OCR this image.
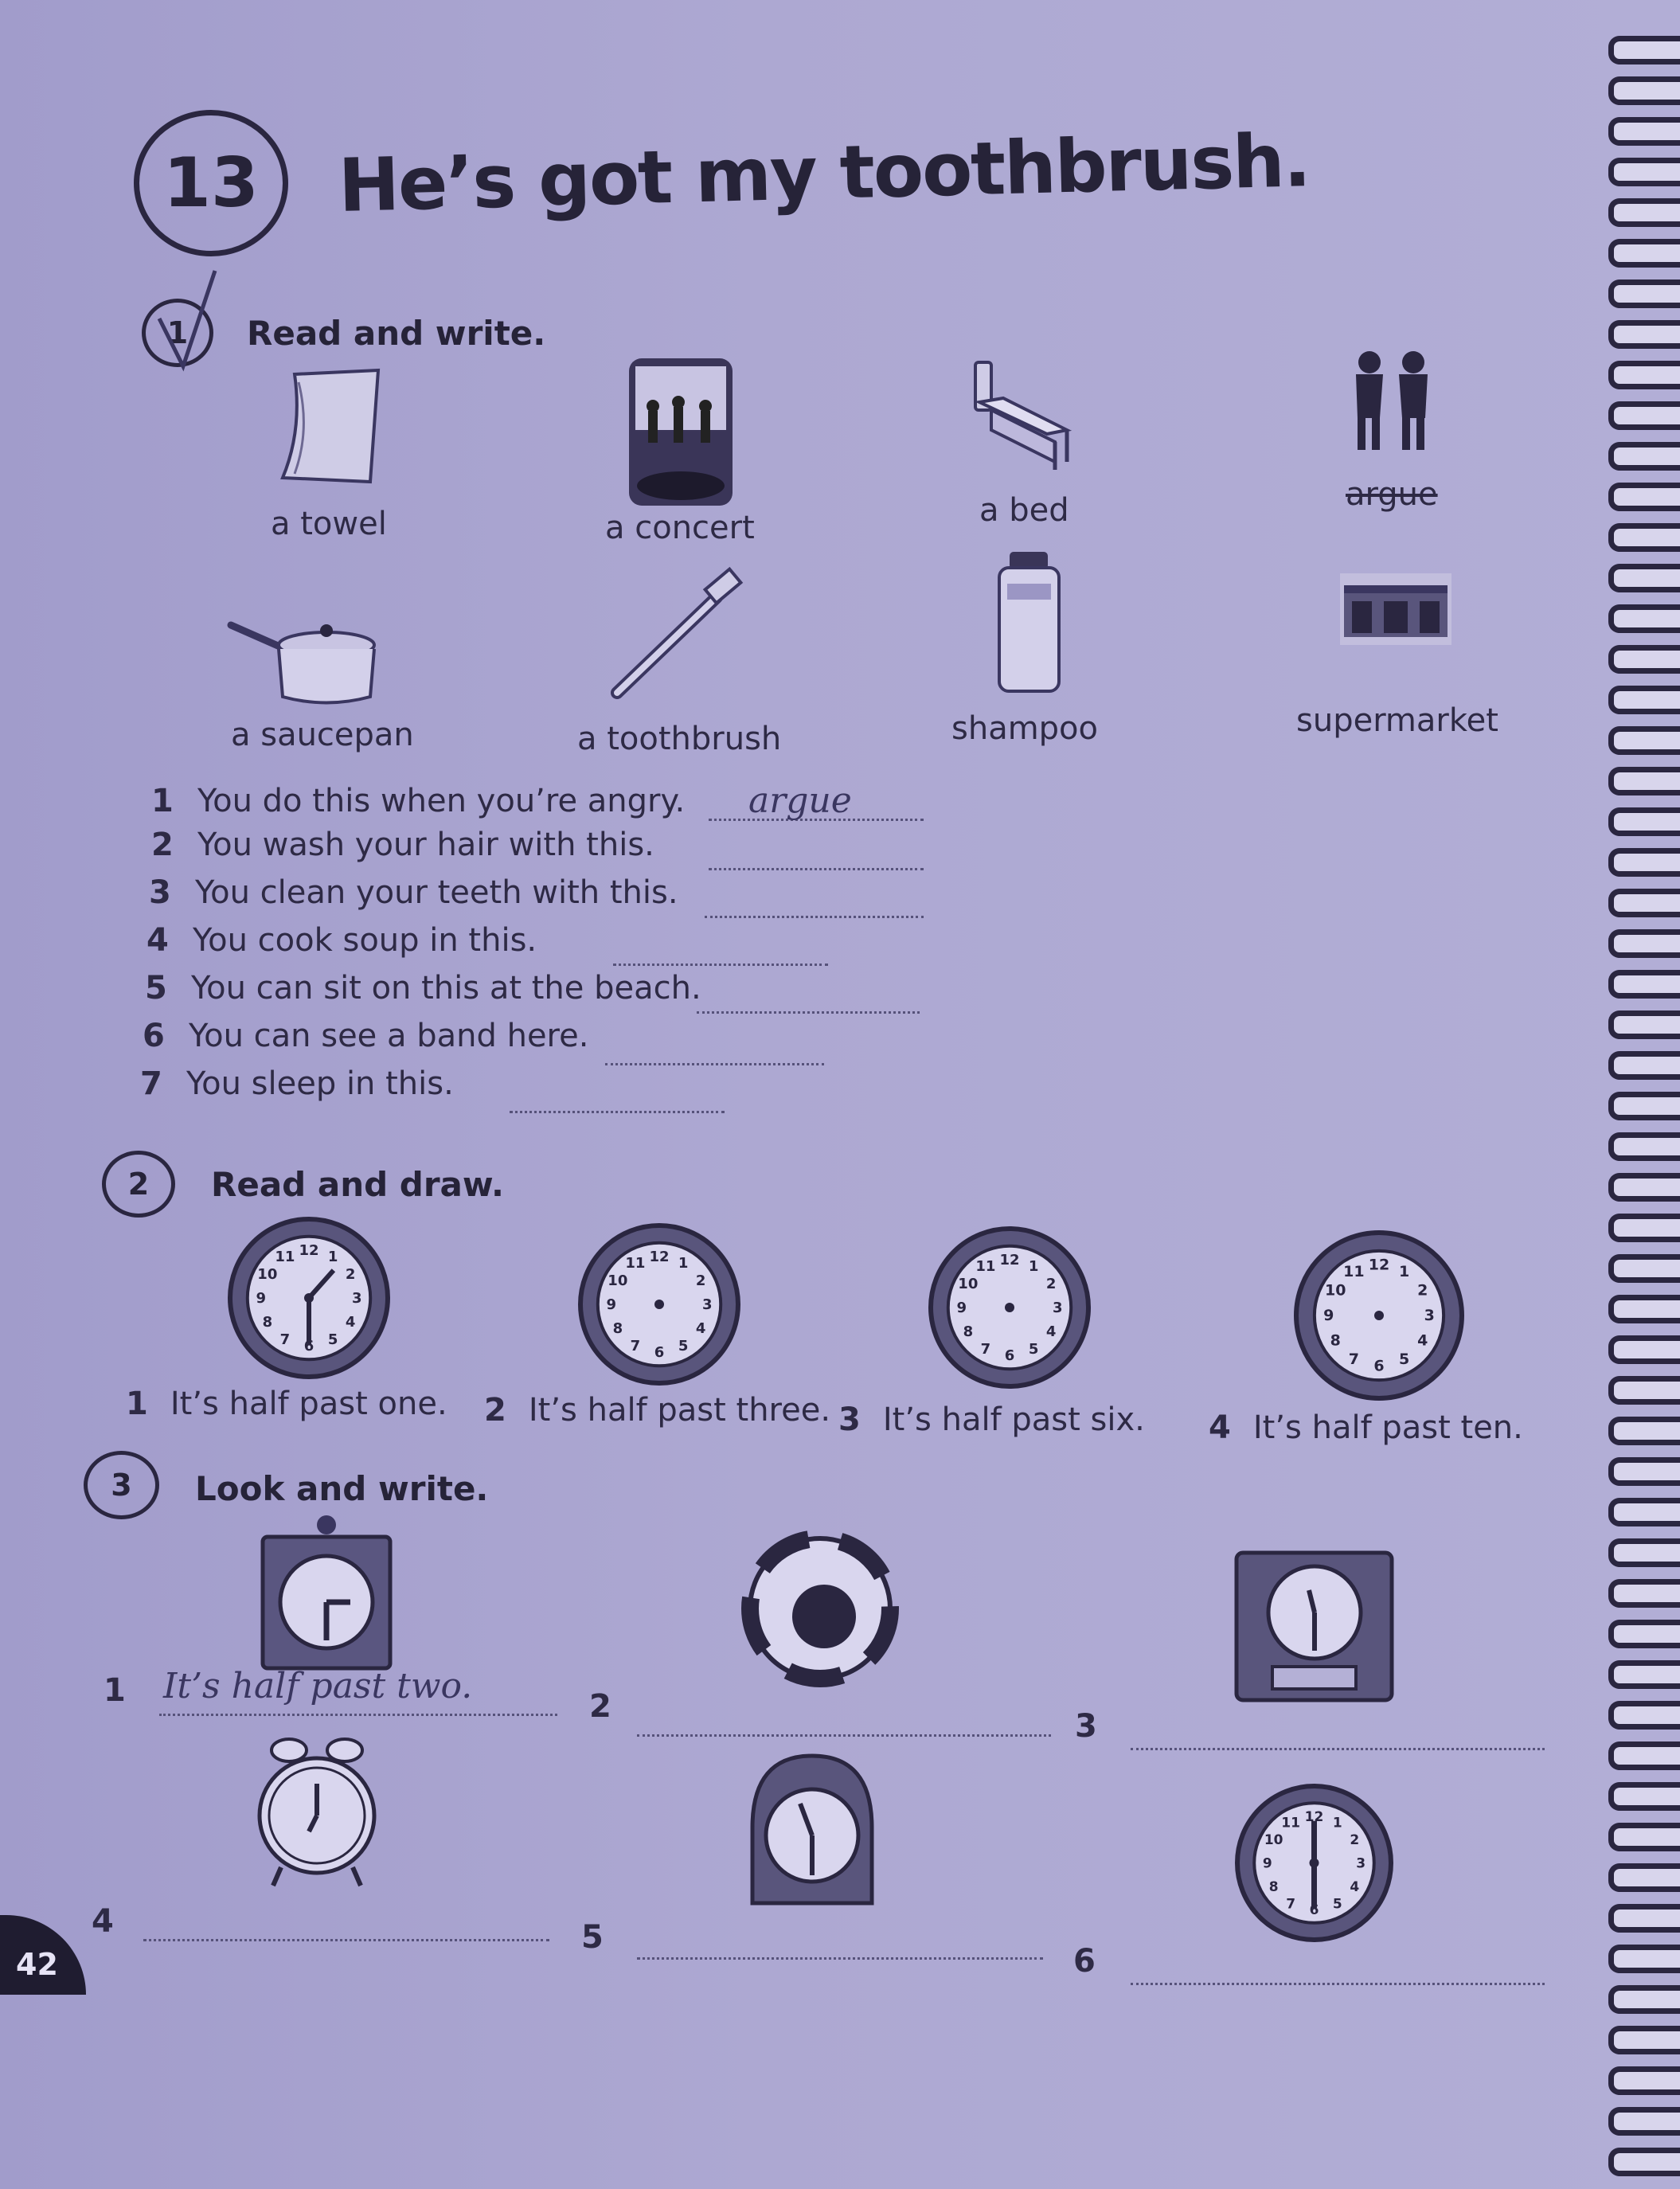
13 He’s got my toothbrush.
1 Read and write.
a towel	a concert	a bed	argue
a saucepan	a toothbrush	shampoo	supermarket
1 You do this when you’re angry. argue
2 You wash your hair with this.
3 You clean your teeth with this.
4 You cook soup in this.
5 You can sit on this at the beach.
6 You can see a band here.
7 You sleep in this.
2 Read and draw.
12 1
2
3
4
5
6
7
8
9
10
11	12 1
2
3
4
5
6
7
8
9
10
11	12 1
2
3
4
5
6
7
8
9
10
11	12 1
2
3
4
5
6
7
8
9
10
11
1 It’s half past one. 2 It’s half past three. 3 It’s half past six. 4 It’s half past ten.
3 Look and write.
12 1
2
3
4
5
6
7
8
9
10
11
1 It’s half past two.	2
3
4	5
6
42
